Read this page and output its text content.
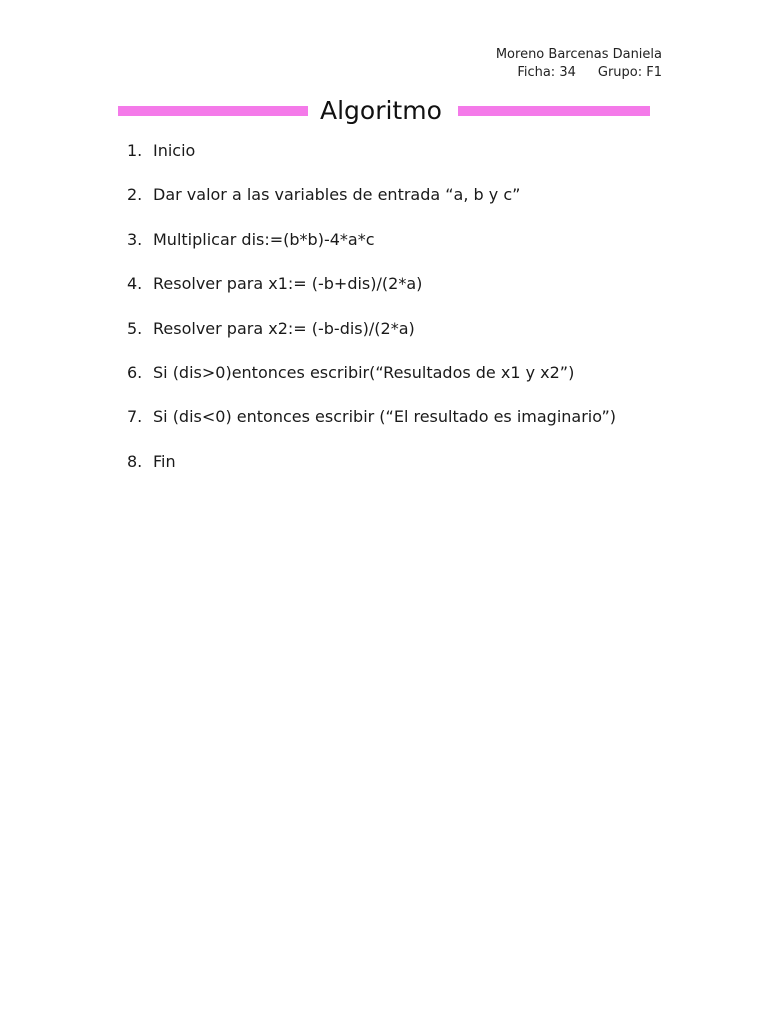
Moreno Barcenas Daniela
Ficha: 34 Grupo: F1
Algoritmo
1. Inicio
2. Dar valor a las variables de entrada “a, b y c”
3. Multiplicar dis:=(b*b)-4*a*c
4. Resolver para x1:= (-b+dis)/(2*a)
5. Resolver para x2:= (-b-dis)/(2*a)
6. Si (dis>0)entonces escribir(“Resultados de x1 y x2”)
7. Si (dis<0) entonces escribir (“El resultado es imaginario”)
8. Fin
